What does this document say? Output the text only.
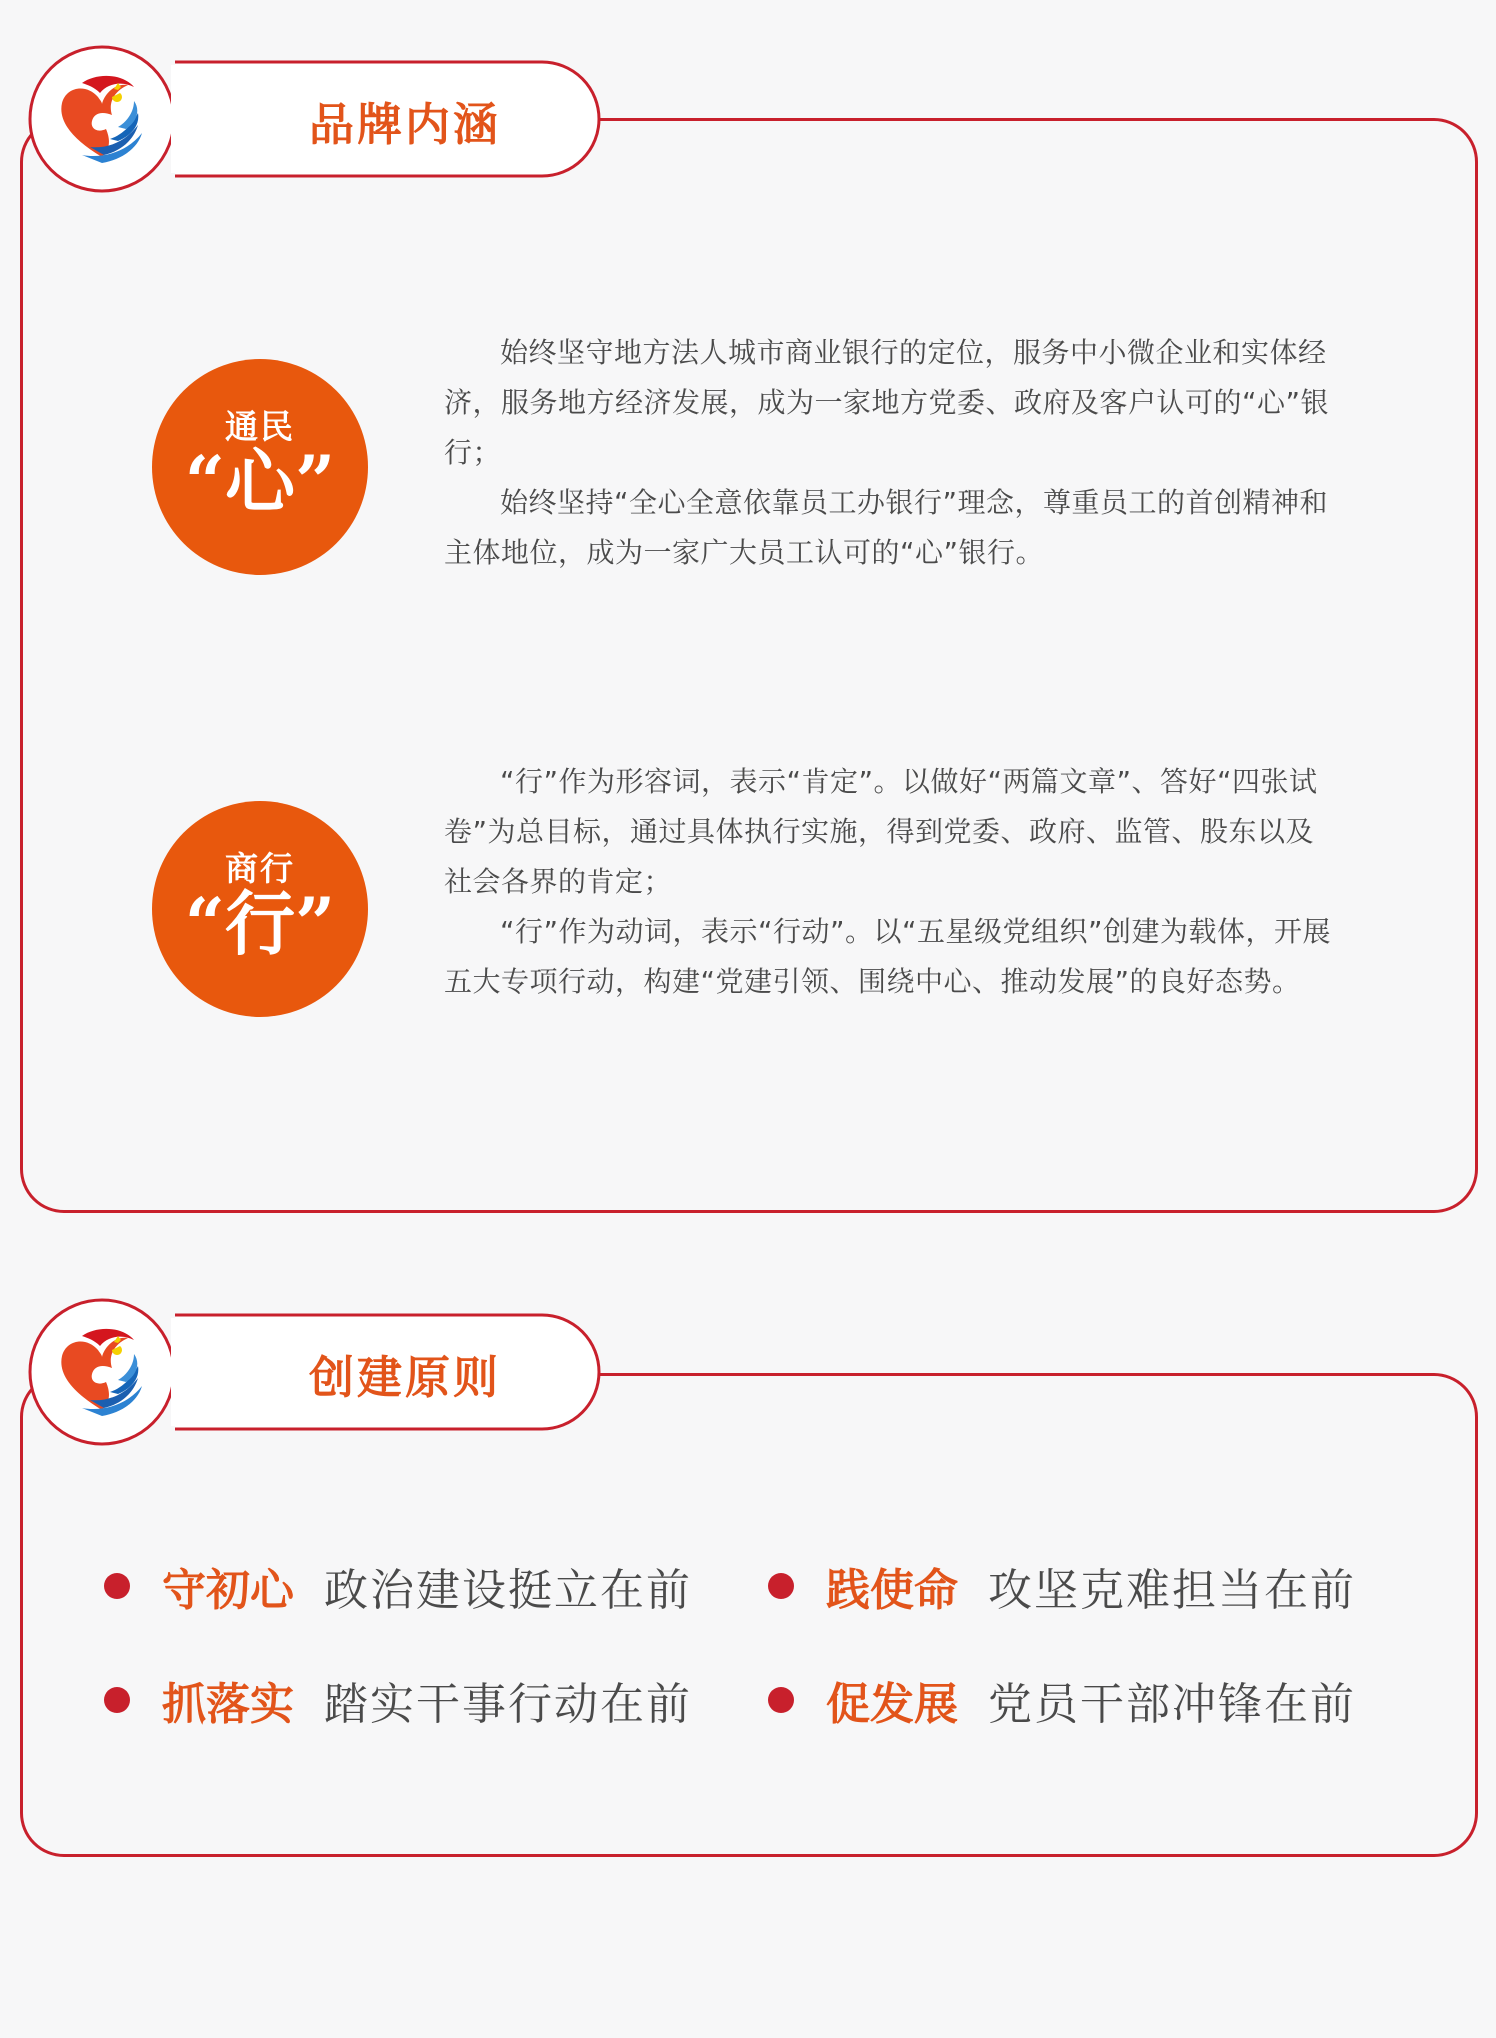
品牌内涵
通民
“心”

始终坚守地方法人城市商业银行的定位，服务中小微企业和实体经济，服务地方经济发展，成为一家地方党委、政府及客户认可的“心”银行；

始终坚持“全心全意依靠员工办银行”理念，尊重员工的首创精神和主体地位，成为一家广大员工认可的“心”银行。

商行
“行”

“行”作为形容词，表示“肯定”。以做好“两篇文章”、答好“四张试卷”为总目标，通过具体执行实施，得到党委、政府、监管、股东以及社会各界的肯定；

“行”作为动词，表示“行动”。以“五星级党组织”创建为载体，开展五大专项行动，构建“党建引领、围绕中心、推动发展”的良好态势。

创建原则
守初心 政治建设挺立在前	践使命 攻坚克难担当在前
抓落实 踏实干事行动在前	促发展 党员干部冲锋在前
